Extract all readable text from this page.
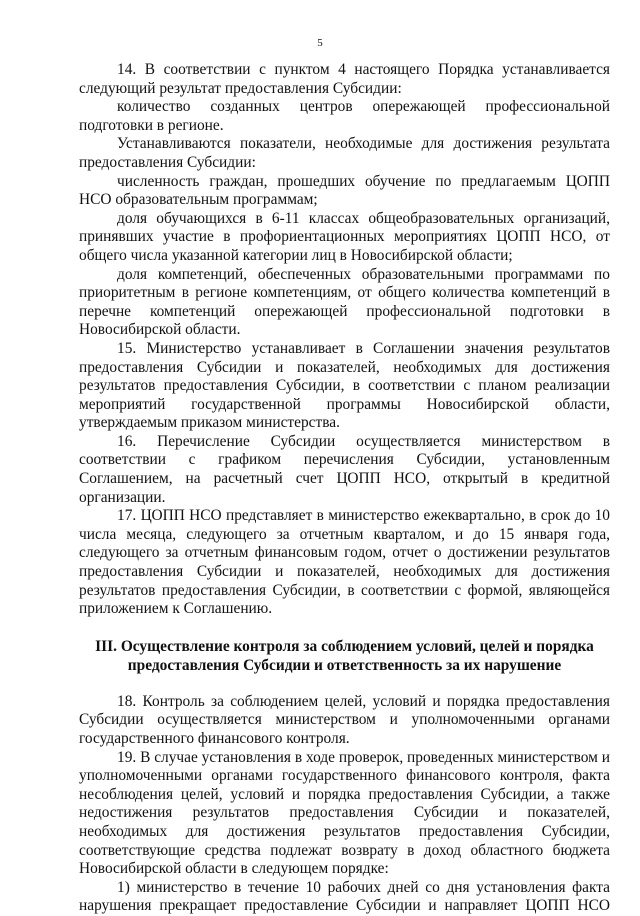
5

14. В соответствии с пунктом 4 настоящего Порядка устанавливается следующий результат предоставления Субсидии:

количество созданных центров опережающей профессиональной подготовки в регионе.

Устанавливаются показатели, необходимые для достижения результата предоставления Субсидии:

численность граждан, прошедших обучение по предлагаемым ЦОПП НСО образовательным программам;

доля обучающихся в 6-11 классах общеобразовательных организаций, принявших участие в профориентационных мероприятиях ЦОПП НСО, от общего числа указанной категории лиц в Новосибирской области;

доля компетенций, обеспеченных образовательными программами по приоритетным в регионе компетенциям, от общего количества компетенций в перечне компетенций опережающей профессиональной подготовки в Новосибирской области.

15. Министерство устанавливает в Соглашении значения результатов предоставления Субсидии и показателей, необходимых для достижения результатов предоставления Субсидии, в соответствии с планом реализации мероприятий государственной программы Новосибирской области, утверждаемым приказом министерства.

16. Перечисление Субсидии осуществляется министерством в соответствии с графиком перечисления Субсидии, установленным Соглашением, на расчетный счет ЦОПП НСО, открытый в кредитной организации.

17. ЦОПП НСО представляет в министерство ежеквартально, в срок до 10 числа месяца, следующего за отчетным кварталом, и до 15 января года, следующего за отчетным финансовым годом, отчет о достижении результатов предоставления Субсидии и показателей, необходимых для достижения результатов предоставления Субсидии, в соответствии с формой, являющейся приложением к Соглашению.

III. Осуществление контроля за соблюдением условий, целей и порядка
предоставления Субсидии и ответственность за их нарушение

18. Контроль за соблюдением целей, условий и порядка предоставления Субсидии осуществляется министерством и уполномоченными органами государственного финансового контроля.

19. В случае установления в ходе проверок, проведенных министерством и уполномоченными органами государственного финансового контроля, факта несоблюдения целей, условий и порядка предоставления Субсидии, а также недостижения результатов предоставления Субсидии и показателей, необходимых для достижения результатов предоставления Субсидии, соответствующие средства подлежат возврату в доход областного бюджета Новосибирской области в следующем порядке:

1) министерство в течение 10 рабочих дней со дня установления факта нарушения прекращает предоставление Субсидии и направляет ЦОПП НСО
